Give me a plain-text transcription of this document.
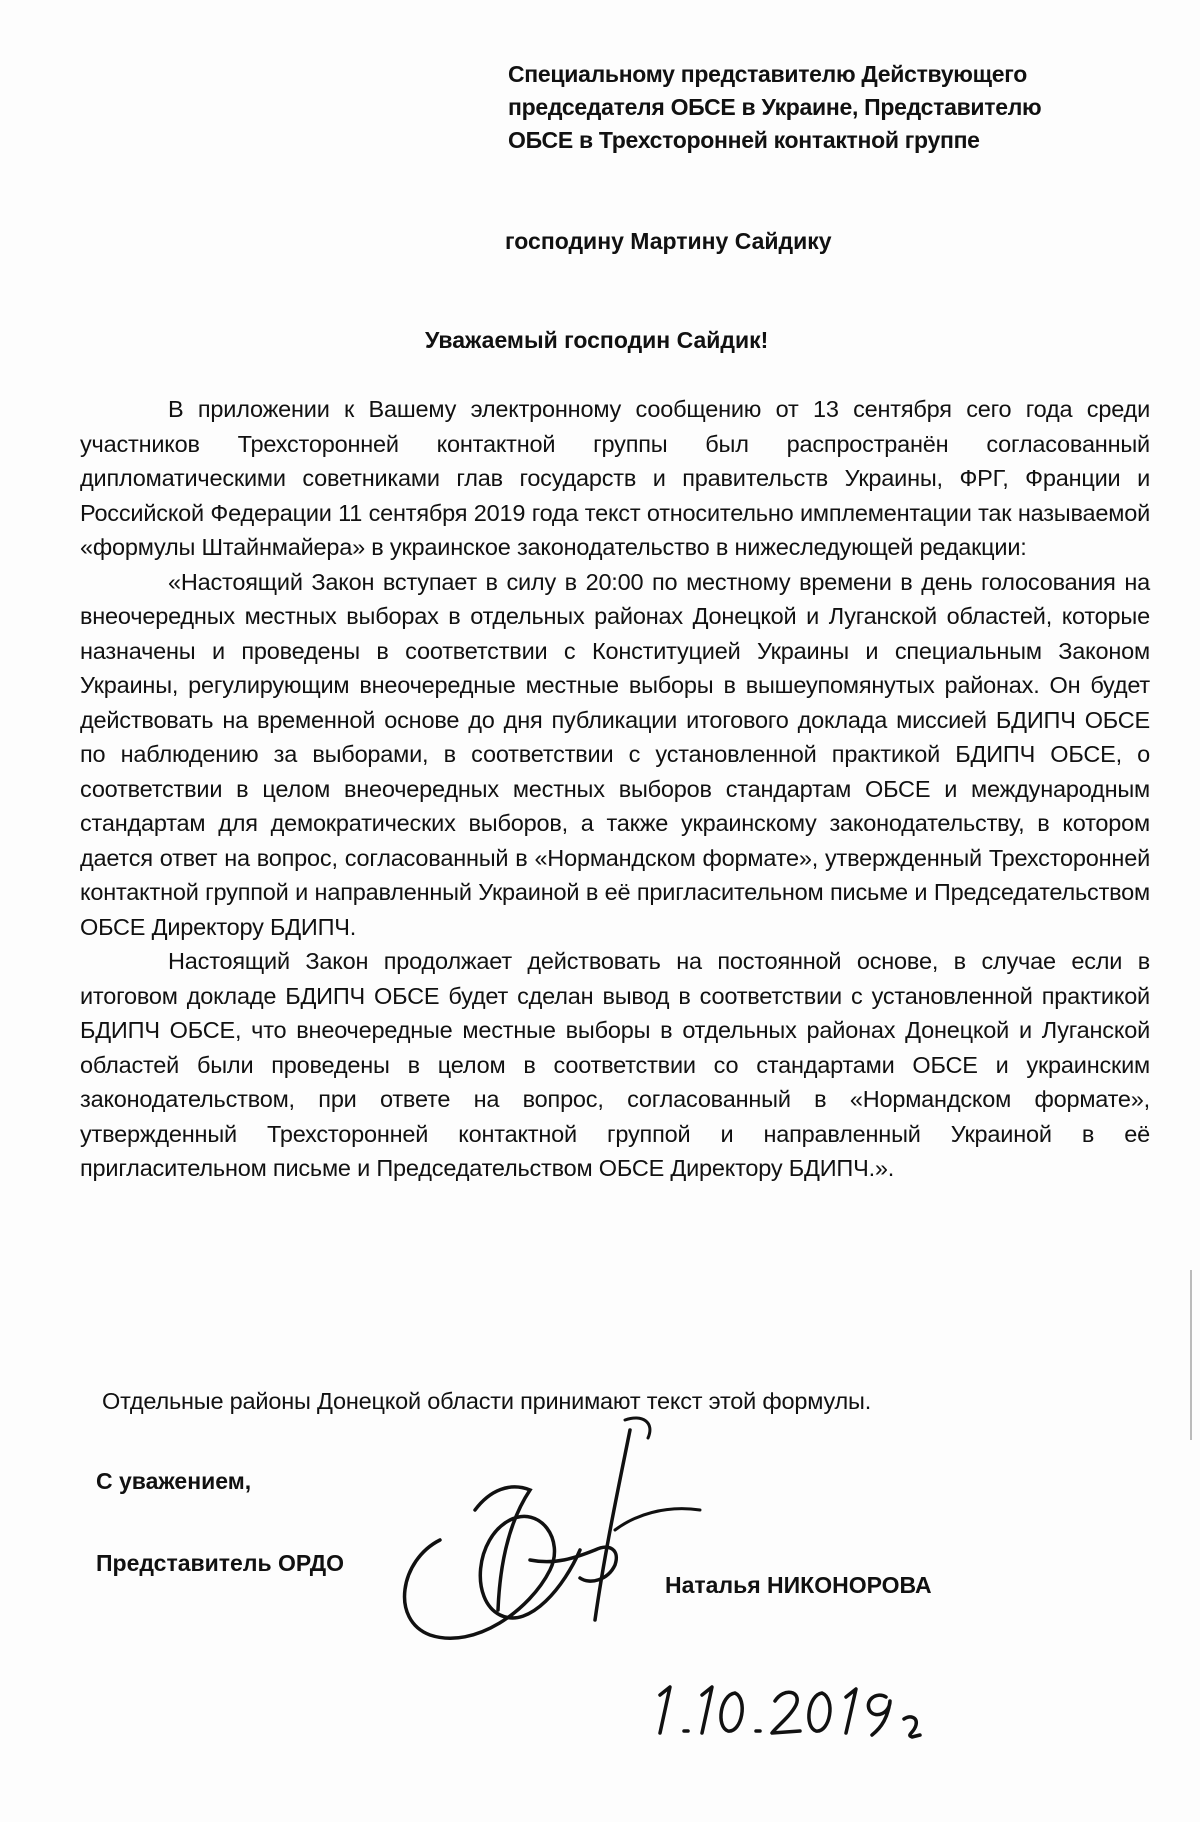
Специальному представителю Действующего
председателя ОБСЕ в Украине, Представителю
ОБСЕ в Трехсторонней контактной группе
господину Мартину Сайдику
Уважаемый господин Сайдик!

В приложении к Вашему электронному сообщению от 13 сентября сего года среди участников Трехсторонней контактной группы был распространён согласованный дипломатическими советниками глав государств и правительств Украины, ФРГ, Франции и Российской Федерации 11 сентября 2019 года текст относительно имплементации так называемой «формулы Штайнмайера» в украинское законодательство в нижеследующей редакции:

«Настоящий Закон вступает в силу в 20:00 по местному времени в день голосования на внеочередных местных выборах в отдельных районах Донецкой и Луганской областей, которые назначены и проведены в соответствии с Конституцией Украины и специальным Законом Украины, регулирующим внеочередные местные выборы в вышеупомянутых районах. Он будет действовать на временной основе до дня публикации итогового доклада миссией БДИПЧ ОБСЕ по наблюдению за выборами, в соответствии с установленной практикой БДИПЧ ОБСЕ, о соответствии в целом внеочередных местных выборов стандартам ОБСЕ и международным стандартам для демократических выборов, а также украинскому законодательству, в котором дается ответ на вопрос, согласованный в «Нормандском формате», утвержденный Трехсторонней контактной группой и направленный Украиной в её пригласительном письме и Председательством ОБСЕ Директору БДИПЧ.

Настоящий Закон продолжает действовать на постоянной основе, в случае если в итоговом докладе БДИПЧ ОБСЕ будет сделан вывод в соответствии с установленной практикой БДИПЧ ОБСЕ, что внеочередные местные выборы в отдельных районах Донецкой и Луганской областей были проведены в целом в соответствии со стандартами ОБСЕ и украинским законодательством, при ответе на вопрос, согласованный в «Нормандском формате», утвержденный Трехсторонней контактной группой и направленный Украиной в её пригласительном письме и Председательством ОБСЕ Директору БДИПЧ.».

Отдельные районы Донецкой области принимают текст этой формулы.
С уважением,
Представитель ОРДО
Наталья НИКОНОРОВА
